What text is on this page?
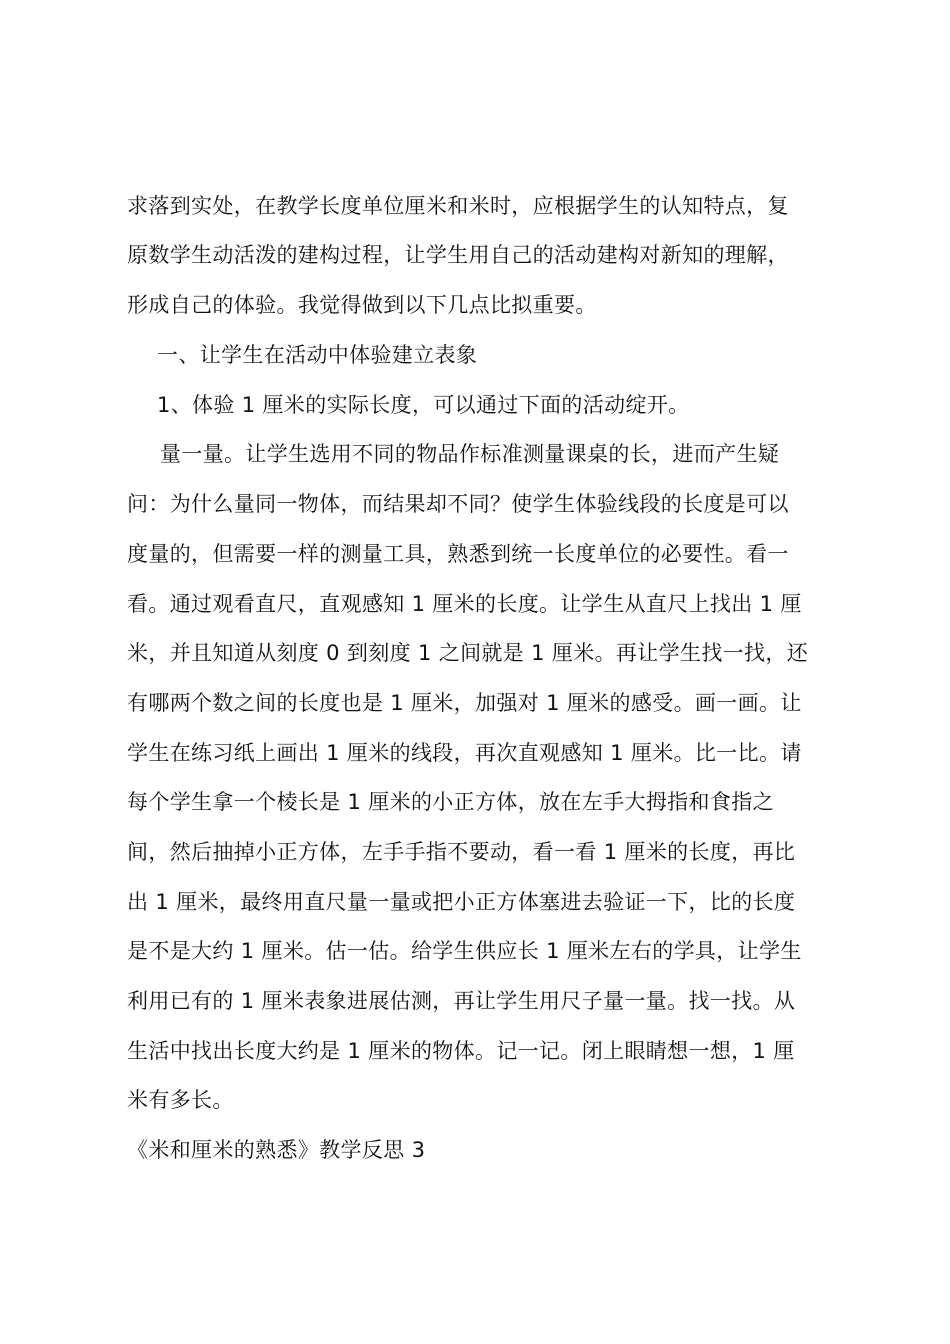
求落到实处，在教学长度单位厘米和米时，应根据学生的认知特点，复
原数学生动活泼的建构过程，让学生用自己的活动建构对新知的理解，
形成自己的体验。我觉得做到以下几点比拟重要。
一、让学生在活动中体验建立表象
1、体验 1 厘米的实际长度，可以通过下面的活动绽开。
量一量。让学生选用不同的物品作标准测量课桌的长，进而产生疑
问：为什么量同一物体，而结果却不同？使学生体验线段的长度是可以
度量的，但需要一样的测量工具，熟悉到统一长度单位的必要性。看一
看。通过观看直尺，直观感知 1 厘米的长度。让学生从直尺上找出 1 厘
米，并且知道从刻度 0 到刻度 1 之间就是 1 厘米。再让学生找一找，还
有哪两个数之间的长度也是 1 厘米，加强对 1 厘米的感受。画一画。让
学生在练习纸上画出 1 厘米的线段，再次直观感知 1 厘米。比一比。请
每个学生拿一个棱长是 1 厘米的小正方体，放在左手大拇指和食指之
间，然后抽掉小正方体，左手手指不要动，看一看 1 厘米的长度，再比
出 1 厘米，最终用直尺量一量或把小正方体塞进去验证一下，比的长度
是不是大约 1 厘米。估一估。给学生供应长 1 厘米左右的学具，让学生
利用已有的 1 厘米表象进展估测，再让学生用尺子量一量。找一找。从
生活中找出长度大约是 1 厘米的物体。记一记。闭上眼睛想一想，1 厘
米有多长。
《米和厘米的熟悉》教学反思 3
